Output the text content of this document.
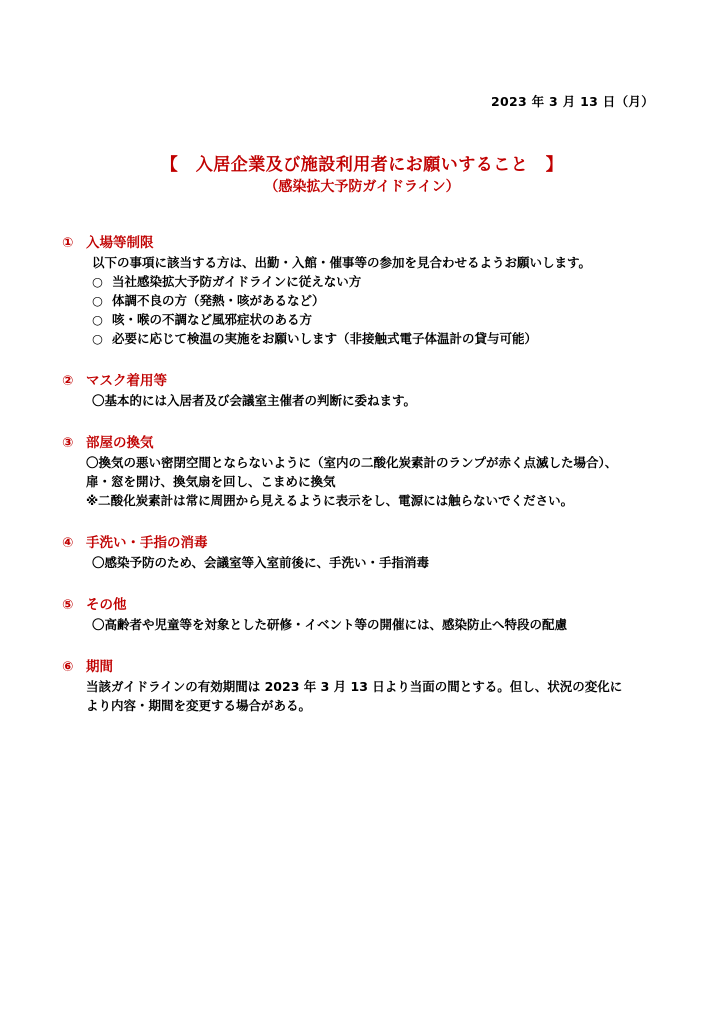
2023 年 3 月 13 日（月）
【　入居企業及び施設利用者にお願いすること　】
（感染拡大予防ガイドライン）
① 入場等制限
以下の事項に該当する方は、出勤・入館・催事等の参加を見合わせるようお願いします。
○ 当社感染拡大予防ガイドラインに従えない方
○ 体調不良の方（発熱・咳があるなど）
○ 咳・喉の不調など風邪症状のある方
○ 必要に応じて検温の実施をお願いします（非接触式電子体温計の貸与可能）
② マスク着用等
〇基本的には入居者及び会議室主催者の判断に委ねます。
③ 部屋の換気
〇換気の悪い密閉空間とならないように（室内の二酸化炭素計のランプが赤く点滅した場合）、
扉・窓を開け、換気扇を回し、こまめに換気
※二酸化炭素計は常に周囲から見えるように表示をし、電源には触らないでください。
④ 手洗い・手指の消毒
〇感染予防のため、会議室等入室前後に、手洗い・手指消毒
⑤ その他
〇高齢者や児童等を対象とした研修・イベント等の開催には、感染防止へ特段の配慮
⑥ 期間
当該ガイドラインの有効期間は 2023 年 3 月 13 日より当面の間とする。但し、状況の変化に
より内容・期間を変更する場合がある。
